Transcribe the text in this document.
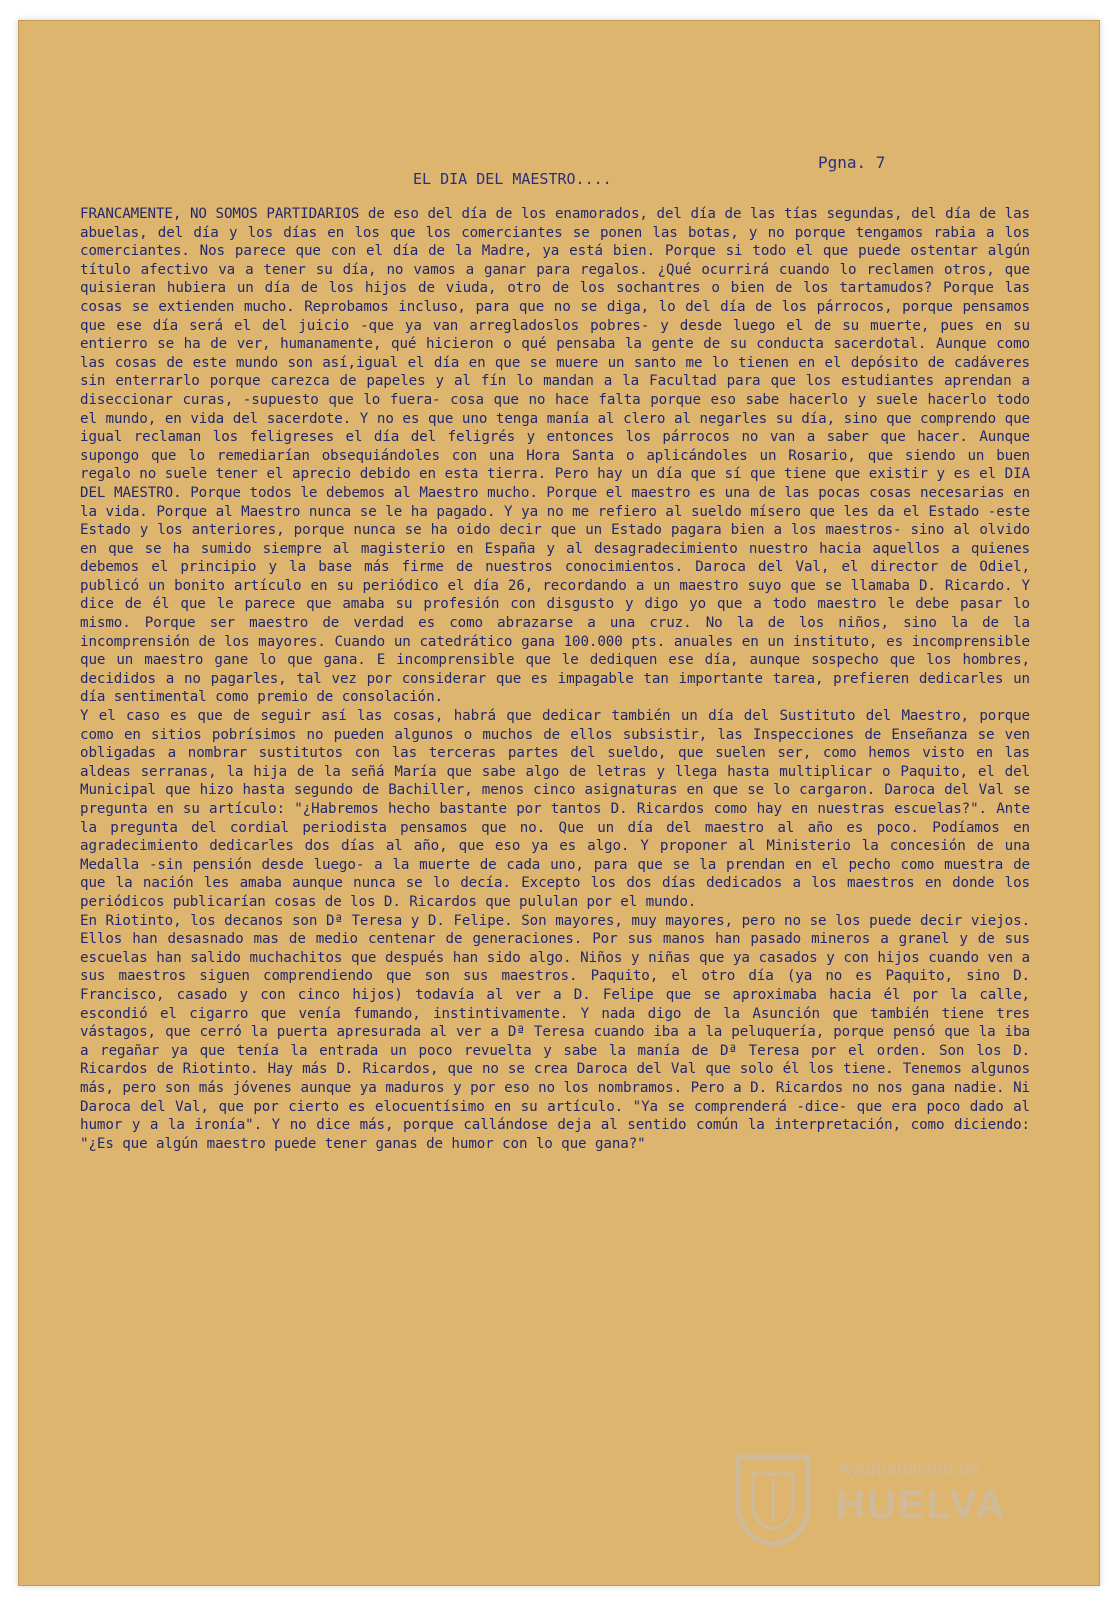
Pgna. 7
EL DIA DEL MAESTRO....

FRANCAMENTE, NO SOMOS PARTIDARIOS de eso del día de los enamorados, del día de las tías segundas, del día de las abuelas, del día y los días en los que los comerciantes se ponen las botas, y no porque tengamos rabia a los comerciantes. Nos parece que con el día de la Madre, ya está bien. Porque si todo el que puede ostentar algún título afectivo va a tener su día, no vamos a ganar para regalos. ¿Qué ocurrirá cuando lo reclamen otros, que quisieran hubiera un día de los hijos de viuda, otro de los sochantres o bien de los tartamudos? Porque las cosas se extienden mucho. Reprobamos incluso, para que no se diga, lo del día de los párrocos, porque pensamos que ese día será el del juicio -que ya van arregladoslos pobres- y desde luego el de su muerte, pues en su entierro se ha de ver, humanamente, qué hicieron o qué pensaba la gente de su conducta sacerdotal. Aunque como las cosas de este mundo son así,igual el día en que se muere un santo me lo tienen en el depósito de cadáveres sin enterrarlo porque carezca de papeles y al fín lo mandan a la Facultad para que los estudiantes aprendan a diseccionar curas, -supuesto que lo fuera- cosa que no hace falta porque eso sabe hacerlo y suele hacerlo todo el mundo, en vida del sacerdote. Y no es que uno tenga manía al clero al negarles su día, sino que comprendo que igual reclaman los feligreses el día del feligrés y entonces los párrocos no van a saber que hacer. Aunque supongo que lo remediarían obsequiándoles con una Hora Santa o aplicándoles un Rosario, que siendo un buen regalo no suele tener el aprecio debido en esta tierra. Pero hay un día que sí que tiene que existir y es el DIA DEL MAESTRO. Porque todos le debemos al Maestro mucho. Porque el maestro es una de las pocas cosas necesarias en la vida. Porque al Maestro nunca se le ha pagado. Y ya no me refiero al sueldo mísero que les da el Estado -este Estado y los anteriores, porque nunca se ha oido decir que un Estado pagara bien a los maestros- sino al olvido en que se ha sumido siempre al magisterio en España y al desagradecimiento nuestro hacia aquellos a quienes debemos el principio y la base más firme de nuestros conocimientos. Daroca del Val, el director de Odiel, publicó un bonito artículo en su periódico el día 26, recordando a un maestro suyo que se llamaba D. Ricardo. Y dice de él que le parece que amaba su profesión con disgusto y digo yo que a todo maestro le debe pasar lo mismo. Porque ser maestro de verdad es como abrazarse a una cruz. No la de los niños, sino la de la incomprensión de los mayores. Cuando un catedrático gana 100.000 pts. anuales en un instituto, es incomprensible que un maestro gane lo que gana. E incomprensible que le dediquen ese día, aunque sospecho que los hombres, decididos a no pagarles, tal vez por considerar que es impagable tan importante tarea, prefieren dedicarles un día sentimental como premio de consolación.

Y el caso es que de seguir así las cosas, habrá que dedicar también un día del Sustituto del Maestro, porque como en sitios pobrísimos no pueden algunos o muchos de ellos subsistir, las Inspecciones de Enseñanza se ven obligadas a nombrar sustitutos con las terceras partes del sueldo, que suelen ser, como hemos visto en las aldeas serranas, la hija de la señá María que sabe algo de letras y llega hasta multiplicar o Paquito, el del Municipal que hizo hasta segundo de Bachiller, menos cinco asignaturas en que se lo cargaron. Daroca del Val se pregunta en su artículo: "¿Habremos hecho bastante por tantos D. Ricardos como hay en nuestras escuelas?". Ante la pregunta del cordial periodista pensamos que no. Que un día del maestro al año es poco. Podíamos en agradecimiento dedicarles dos días al año, que eso ya es algo. Y proponer al Ministerio la concesión de una Medalla -sin pensión desde luego- a la muerte de cada uno, para que se la prendan en el pecho como muestra de que la nación les amaba aunque nunca se lo decía. Excepto los dos días dedicados a los maestros en donde los periódicos publicarían cosas de los D. Ricardos que pululan por el mundo.

En Riotinto, los decanos son Dª Teresa y D. Felipe. Son mayores, muy mayores, pero no se los puede decir viejos. Ellos han desasnado mas de medio centenar de generaciones. Por sus manos han pasado mineros a granel y de sus escuelas han salido muchachitos que después han sido algo. Niños y niñas que ya casados y con hijos cuando ven a sus maestros siguen comprendiendo que son sus maestros. Paquito, el otro día (ya no es Paquito, sino D. Francisco, casado y con cinco hijos) todavía al ver a D. Felipe que se aproximaba hacia él por la calle, escondió el cigarro que venía fumando, instintivamente. Y nada digo de la Asunción que también tiene tres vástagos, que cerró la puerta apresurada al ver a Dª Teresa cuando iba a la peluquería, porque pensó que la iba a regañar ya que tenía la entrada un poco revuelta y sabe la manía de Dª Teresa por el orden. Son los D. Ricardos de Riotinto. Hay más D. Ricardos, que no se crea Daroca del Val que solo él los tiene. Tenemos algunos más, pero son más jóvenes aunque ya maduros y por eso no los nombramos. Pero a D. Ricardos no nos gana nadie. Ni Daroca del Val, que por cierto es elocuentísimo en su artículo. "Ya se comprenderá -dice- que era poco dado al humor y a la ironía". Y no dice más, porque callándose deja al sentido común la interpretación, como diciendo: "¿Es que algún maestro puede tener ganas de humor con lo que gana?"

Ayuntamiento de
HUELVA
